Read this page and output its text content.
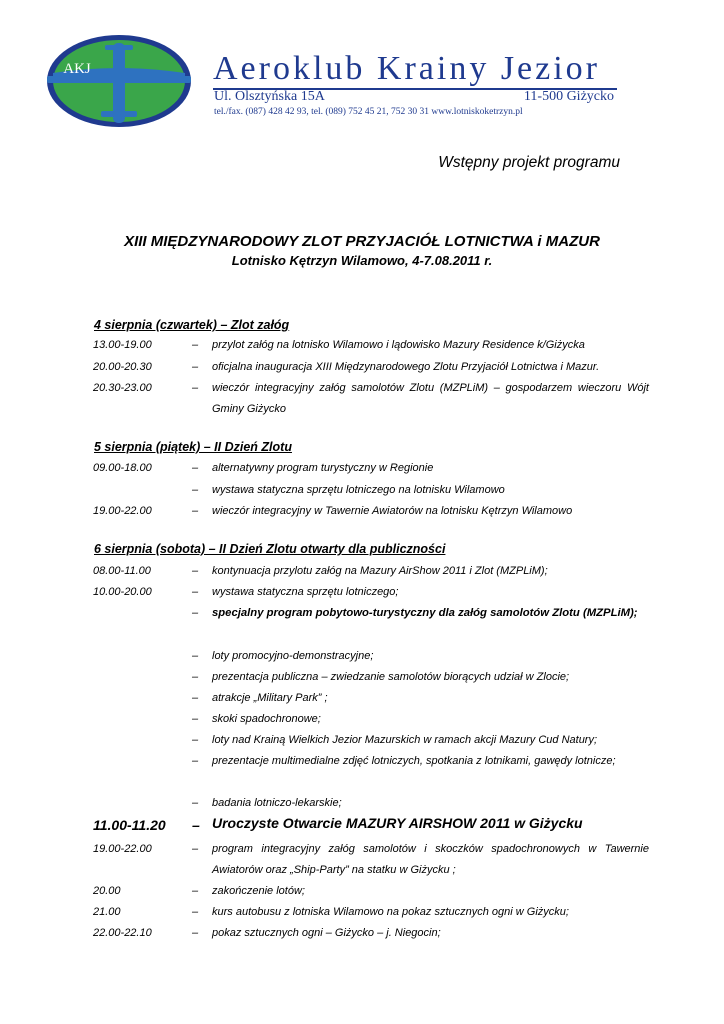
AKJ	Aeroklub Krainy Jezior
Ul. Olsztyńska 15A	11-500 Giżycko
tel./fax. (087) 428 42 93, tel. (089) 752 45 21, 752 30 31 www.lotniskoketrzyn.pl
Wstępny projekt programu
XIII MIĘDZYNARODOWY ZLOT PRZYJACIÓŁ LOTNICTWA i MAZUR
Lotnisko Kętrzyn Wilamowo, 4-7.08.2011 r.
4 sierpnia (czwartek) – Zlot załóg
13.00-19.00	– przylot załóg na lotnisko Wilamowo i lądowisko Mazury Residence k/Giżycka
20.00-20.30	– oficjalna inauguracja XIII Międzynarodowego Zlotu Przyjaciół Lotnictwa i Mazur.
20.30-23.00	– wieczór integracyjny załóg samolotów Zlotu (MZPLiM) – gospodarzem wieczoru Wójt Gminy Giżycko
5 sierpnia (piątek) – II Dzień Zlotu
09.00-18.00	– alternatywny program turystyczny w Regionie
– wystawa statyczna sprzętu lotniczego na lotnisku Wilamowo
19.00-22.00	– wieczór integracyjny w Tawernie Awiatorów na lotnisku Kętrzyn Wilamowo
6 sierpnia (sobota) – II Dzień Zlotu otwarty dla publiczności
08.00-11.00	– kontynuacja przylotu załóg na Mazury AirShow 2011 i Zlot (MZPLiM);
10.00-20.00	– wystawa statyczna sprzętu lotniczego;
– specjalny program pobytowo-turystyczny dla załóg samolotów Zlotu (MZPLiM);
– loty promocyjno-demonstracyjne;
– prezentacja publiczna – zwiedzanie samolotów biorących udział w Zlocie;
– atrakcje „Military Park” ;
– skoki spadochronowe;
– loty nad Krainą Wielkich Jezior Mazurskich w ramach akcji Mazury Cud Natury;
– prezentacje multimedialne zdjęć lotniczych, spotkania z lotnikami, gawędy lotnicze;
– badania lotniczo-lekarskie;
11.00-11.20 – Uroczyste Otwarcie MAZURY AIRSHOW 2011 w Giżycku
19.00-22.00	– program integracyjny załóg samolotów i skoczków spadochronowych w Tawernie Awiatorów oraz „Ship-Party” na statku w Giżycku ;
20.00	– zakończenie lotów;
21.00	– kurs autobusu z lotniska Wilamowo na pokaz sztucznych ogni w Giżycku;
22.00-22.10	– pokaz sztucznych ogni – Giżycko – j. Niegocin;
